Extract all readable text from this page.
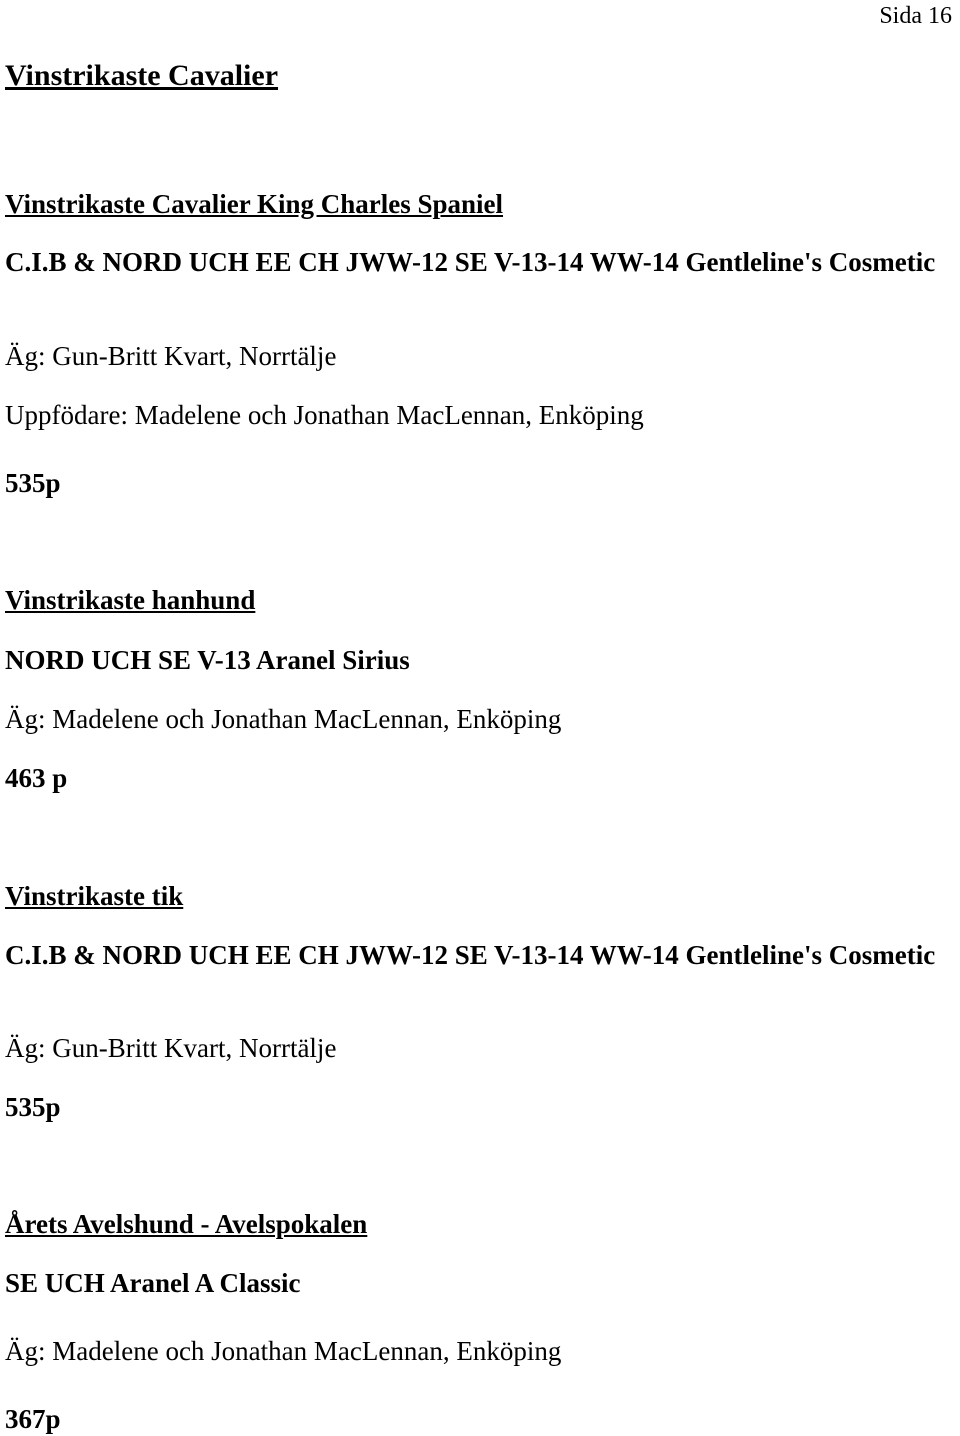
Sida 16
Vinstrikaste Cavalier
Vinstrikaste Cavalier King Charles Spaniel
C.I.B & NORD UCH EE CH JWW-12 SE V-13-14 WW-14 Gentleline's Cosmetic
Äg: Gun-Britt Kvart, Norrtälje
Uppfödare: Madelene och Jonathan MacLennan, Enköping
535p
Vinstrikaste hanhund
NORD UCH SE V-13 Aranel Sirius
Äg: Madelene och Jonathan MacLennan, Enköping
463 p
Vinstrikaste tik
C.I.B & NORD UCH EE CH JWW-12 SE V-13-14 WW-14 Gentleline's Cosmetic
Äg: Gun-Britt Kvart, Norrtälje
535p
Årets Avelshund - Avelspokalen
SE UCH Aranel A Classic
Äg: Madelene och Jonathan MacLennan, Enköping
367p
